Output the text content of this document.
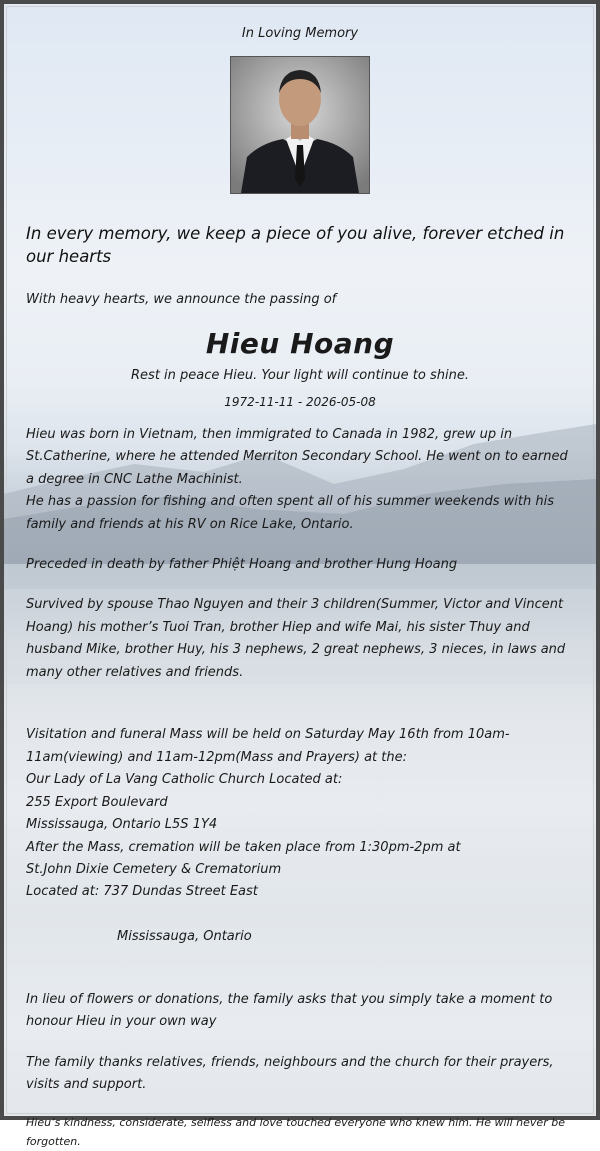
In Loving Memory
In every memory, we keep a piece of you alive, forever etched in our hearts
With heavy hearts, we announce the passing of
Hieu Hoang
Rest in peace Hieu. Your light will continue to shine.
1972-11-11 - 2026-05-08
Hieu was born in Vietnam, then immigrated to Canada in 1982, grew up in St.Catherine, where he attended Merriton Secondary School. He went on to earned a degree in CNC Lathe Machinist.
He has a passion for fishing and often spent all of his summer weekends with his family and friends at his RV on Rice Lake, Ontario.
Preceded in death by father Phiệt Hoang and brother Hung Hoang
Survived by spouse Thao Nguyen and their 3 children(Summer, Victor and Vincent Hoang) his mother’s Tuoi Tran, brother Hiep and wife Mai, his sister Thuy and husband Mike, brother Huy, his 3 nephews, 2 great nephews, 3 nieces, in laws and many other relatives and friends.

Visitation and funeral Mass will be held on Saturday May 16th from 10am-11am(viewing) and 11am-12pm(Mass and Prayers) at the:
Our Lady of La Vang Catholic Church Located at:
255 Export Boulevard
Mississauga, Ontario L5S 1Y4
After the Mass, cremation will be taken place from 1:30pm-2pm at
St.John Dixie Cemetery & Crematorium
Located at: 737 Dundas Street East

Mississauga, Ontario

In lieu of flowers or donations, the family asks that you simply take a moment to honour Hieu in your own way
The family thanks relatives, friends, neighbours and the church for their prayers, visits and support.
Hieu’s kindness, considerate, selfless and love touched everyone who knew him. He will never be forgotten.
